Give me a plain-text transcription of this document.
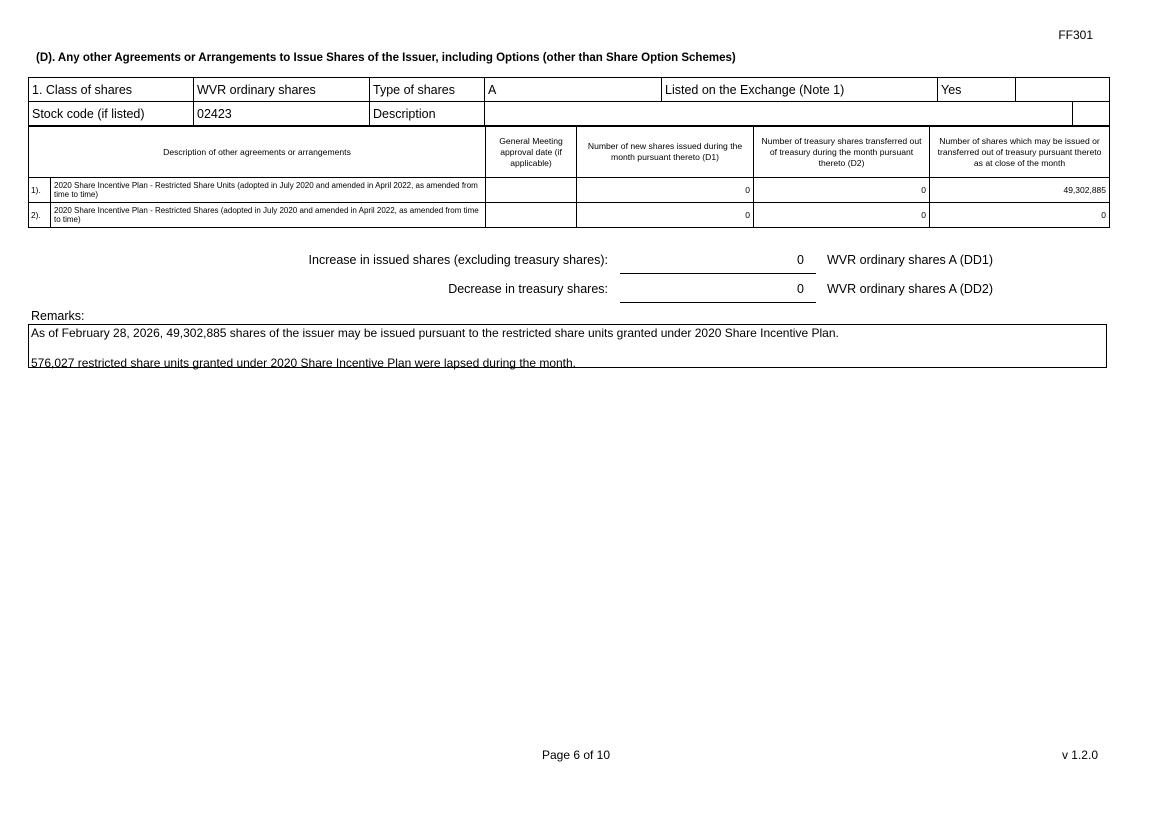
FF301
(D). Any other Agreements or Arrangements to Issue Shares of the Issuer, including Options (other than Share Option Schemes)
1. Class of shares	WVR ordinary shares	Type of shares	A	Listed on the Exchange (Note 1)	Yes		
Stock code (if listed)	02423	Description					
Description of other agreements or arrangements		General Meeting approval date (if applicable)	Number of new shares issued during the month pursuant thereto (D1)	Number of treasury shares transferred out of treasury during the month pursuant thereto (D2)	Number of shares which may be issued or transferred out of treasury pursuant thereto as at close of the month
1).	2020 Share Incentive Plan - Restricted Share Units (adopted in July 2020 and amended in April 2022, as amended from time to time)		0	0	49,302,885
2).	2020 Share Incentive Plan - Restricted Shares (adopted in July 2020 and amended in April 2022, as amended from time to time)		0	0	0
Increase in issued shares (excluding treasury shares):	0 WVR ordinary shares A (DD1)
Decrease in treasury shares:	0 WVR ordinary shares A (DD2)
Remarks:
As of February 28, 2026, 49,302,885 shares of the issuer may be issued pursuant to the restricted share units granted under 2020 Share Incentive Plan.
576,027 restricted share units granted under 2020 Share Incentive Plan were lapsed during the month.
Page 6 of 10	v 1.2.0
